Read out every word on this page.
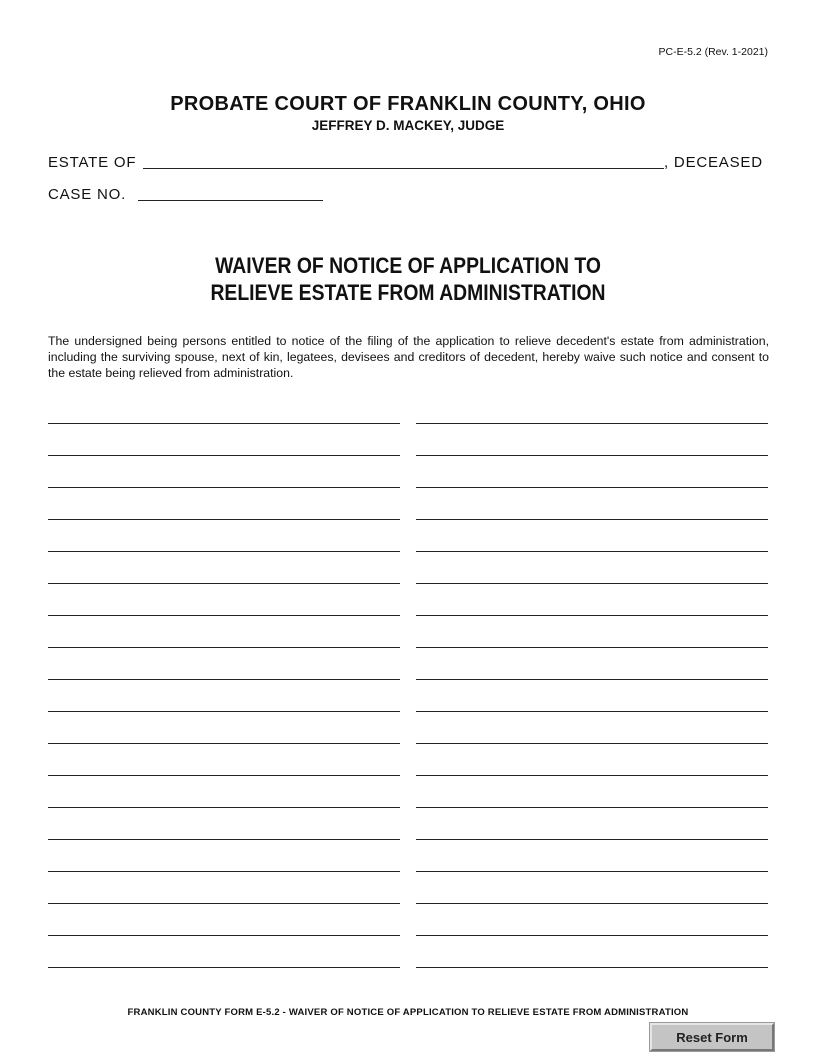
PC-E-5.2 (Rev. 1-2021)
PROBATE COURT OF FRANKLIN COUNTY, OHIO
JEFFREY D. MACKEY, JUDGE
ESTATE OF	, DECEASED
CASE NO.
WAIVER OF NOTICE OF APPLICATION TO
RELIEVE ESTATE FROM ADMINISTRATION
The undersigned being persons entitled to notice of the filing of the application to relieve decedent's estate from administration, including the surviving spouse, next of kin, legatees, devisees and creditors of decedent, hereby waive such notice and consent to the estate being relieved from administration.
FRANKLIN COUNTY FORM E-5.2 - WAIVER OF NOTICE OF APPLICATION TO RELIEVE ESTATE FROM ADMINISTRATION
Reset Form
